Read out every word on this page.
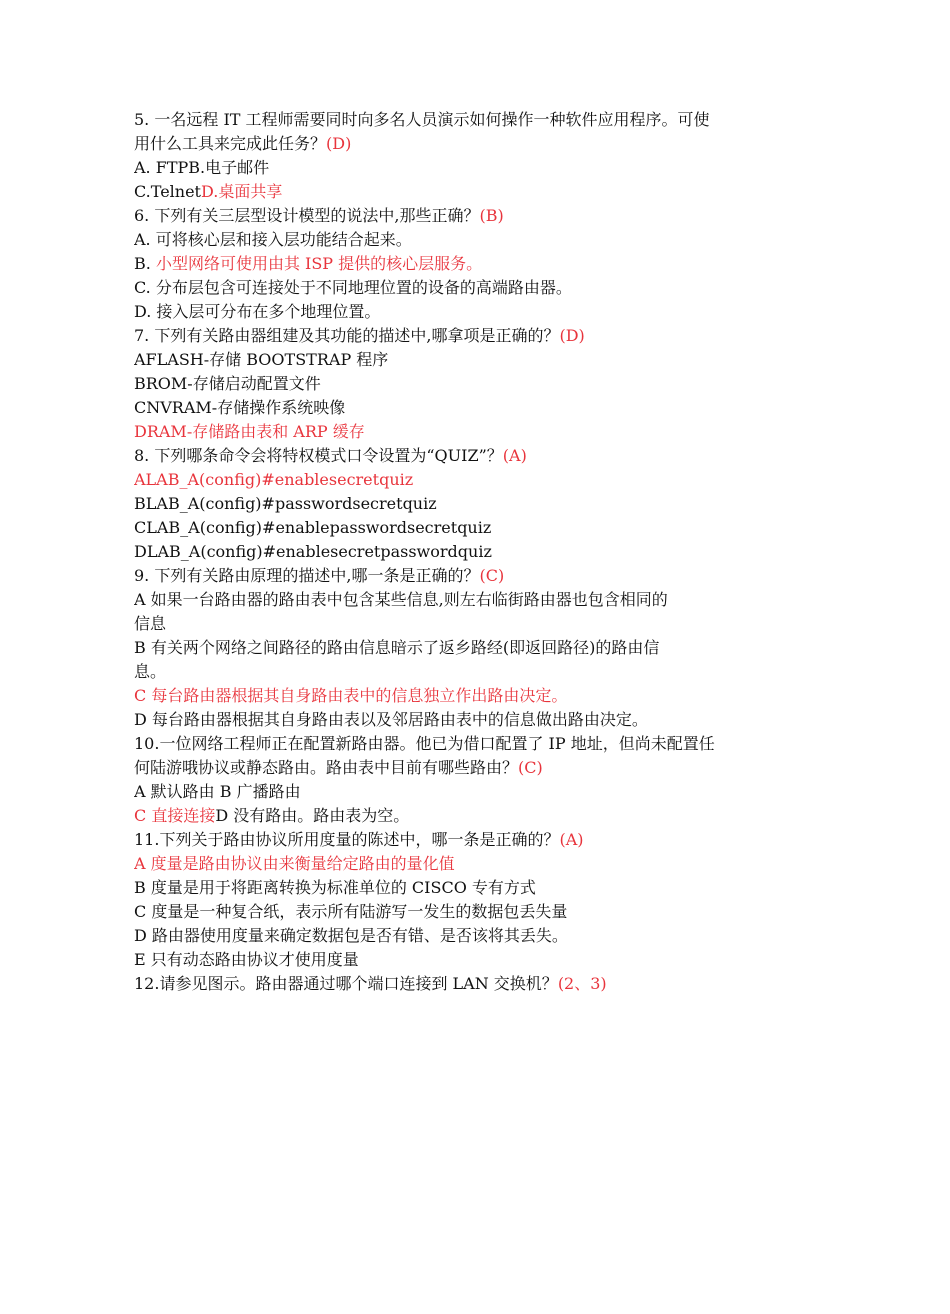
5. 一名远程 IT 工程师需要同时向多名人员演示如何操作一种软件应用程序。可使
用什么工具来完成此任务？(D)
A. FTPB.电子邮件
C.TelnetD.桌面共享
6. 下列有关三层型设计模型的说法中,那些正确？(B)
A. 可将核心层和接入层功能结合起来。
B. 小型网络可使用由其 ISP 提供的核心层服务。
C. 分布层包含可连接处于不同地理位置的设备的高端路由器。
D. 接入层可分布在多个地理位置。
7. 下列有关路由器组建及其功能的描述中,哪拿项是正确的？(D)
AFLASH-存储 BOOTSTRAP 程序
BROM-存储启动配置文件
CNVRAM-存储操作系统映像
DRAM-存储路由表和 ARP 缓存
8. 下列哪条命令会将特权模式口令设置为“QUIZ”？(A)
ALAB_A(config)#enablesecretquiz
BLAB_A(config)#passwordsecretquiz
CLAB_A(config)#enablepasswordsecretquiz
DLAB_A(config)#enablesecretpasswordquiz
9. 下列有关路由原理的描述中,哪一条是正确的？(C)
A 如果一台路由器的路由表中包含某些信息,则左右临街路由器也包含相同的
信息
B 有关两个网络之间路径的路由信息暗示了返乡路经(即返回路径)的路由信
息。
C 每台路由器根据其自身路由表中的信息独立作出路由决定。
D 每台路由器根据其自身路由表以及邻居路由表中的信息做出路由决定。
10.一位网络工程师正在配置新路由器。他已为借口配置了 IP 地址，但尚未配置任
何陆游哦协议或静态路由。路由表中目前有哪些路由？(C)
A 默认路由 B 广播路由
C 直接连接D 没有路由。路由表为空。
11.下列关于路由协议所用度量的陈述中，哪一条是正确的？(A)
A 度量是路由协议由来衡量给定路由的量化值
B 度量是用于将距离转换为标准单位的 CISCO 专有方式
C 度量是一种复合纸，表示所有陆游写一发生的数据包丢失量
D 路由器使用度量来确定数据包是否有错、是否该将其丢失。
E 只有动态路由协议才使用度量
12.请参见图示。路由器通过哪个端口连接到 LAN 交换机？(2、3)
